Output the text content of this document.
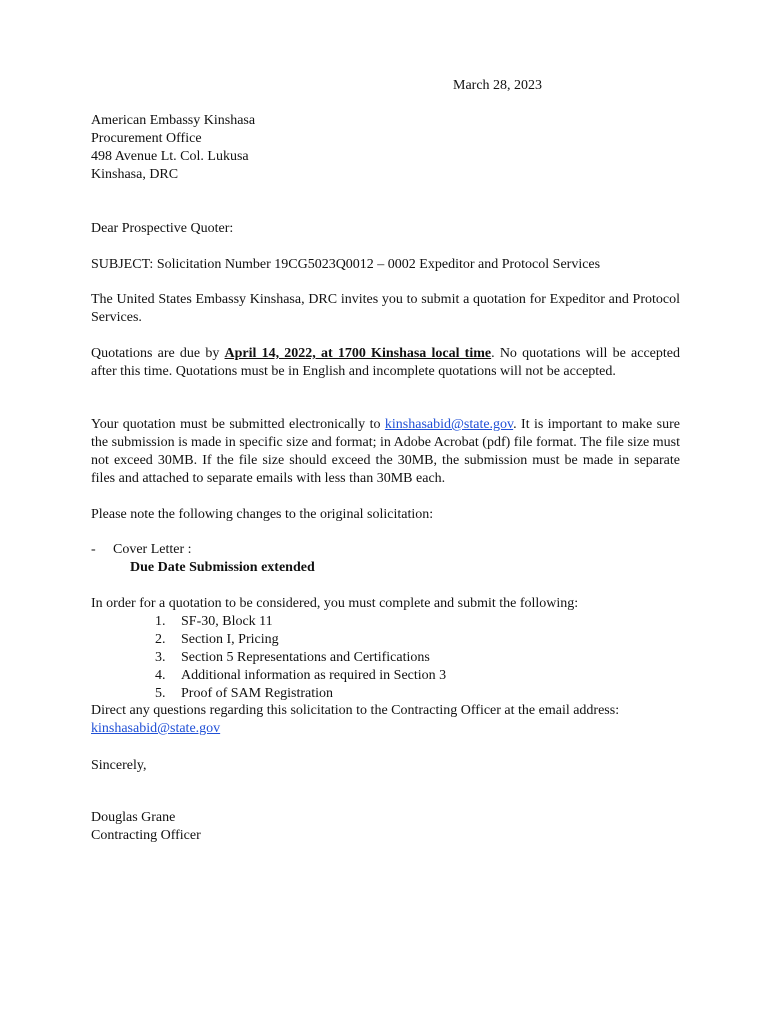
March 28, 2023
American Embassy Kinshasa
Procurement Office
498 Avenue Lt. Col. Lukusa
Kinshasa, DRC
Dear Prospective Quoter:
SUBJECT: Solicitation Number 19CG5023Q0012 – 0002 Expeditor and Protocol Services

The United States Embassy Kinshasa, DRC invites you to submit a quotation for Expeditor and Protocol Services.

Quotations are due by April 14, 2022, at 1700 Kinshasa local time. No quotations will be accepted after this time. Quotations must be in English and incomplete quotations will not be accepted.

Your quotation must be submitted electronically to kinshasabid@state.gov. It is important to make sure the submission is made in specific size and format; in Adobe Acrobat (pdf) file format. The file size must not exceed 30MB. If the file size should exceed the 30MB, the submission must be made in separate files and attached to separate emails with less than 30MB each.

Please note the following changes to the original solicitation:

- Cover Letter :
Due Date Submission extended
In order for a quotation to be considered, you must complete and submit the following:
1. SF-30, Block 11
2. Section I, Pricing
3. Section 5 Representations and Certifications
4. Additional information as required in Section 3
5. Proof of SAM Registration

Direct any questions regarding this solicitation to the Contracting Officer at the email address:
kinshasabid@state.gov

Sincerely,
Douglas Grane
Contracting Officer
